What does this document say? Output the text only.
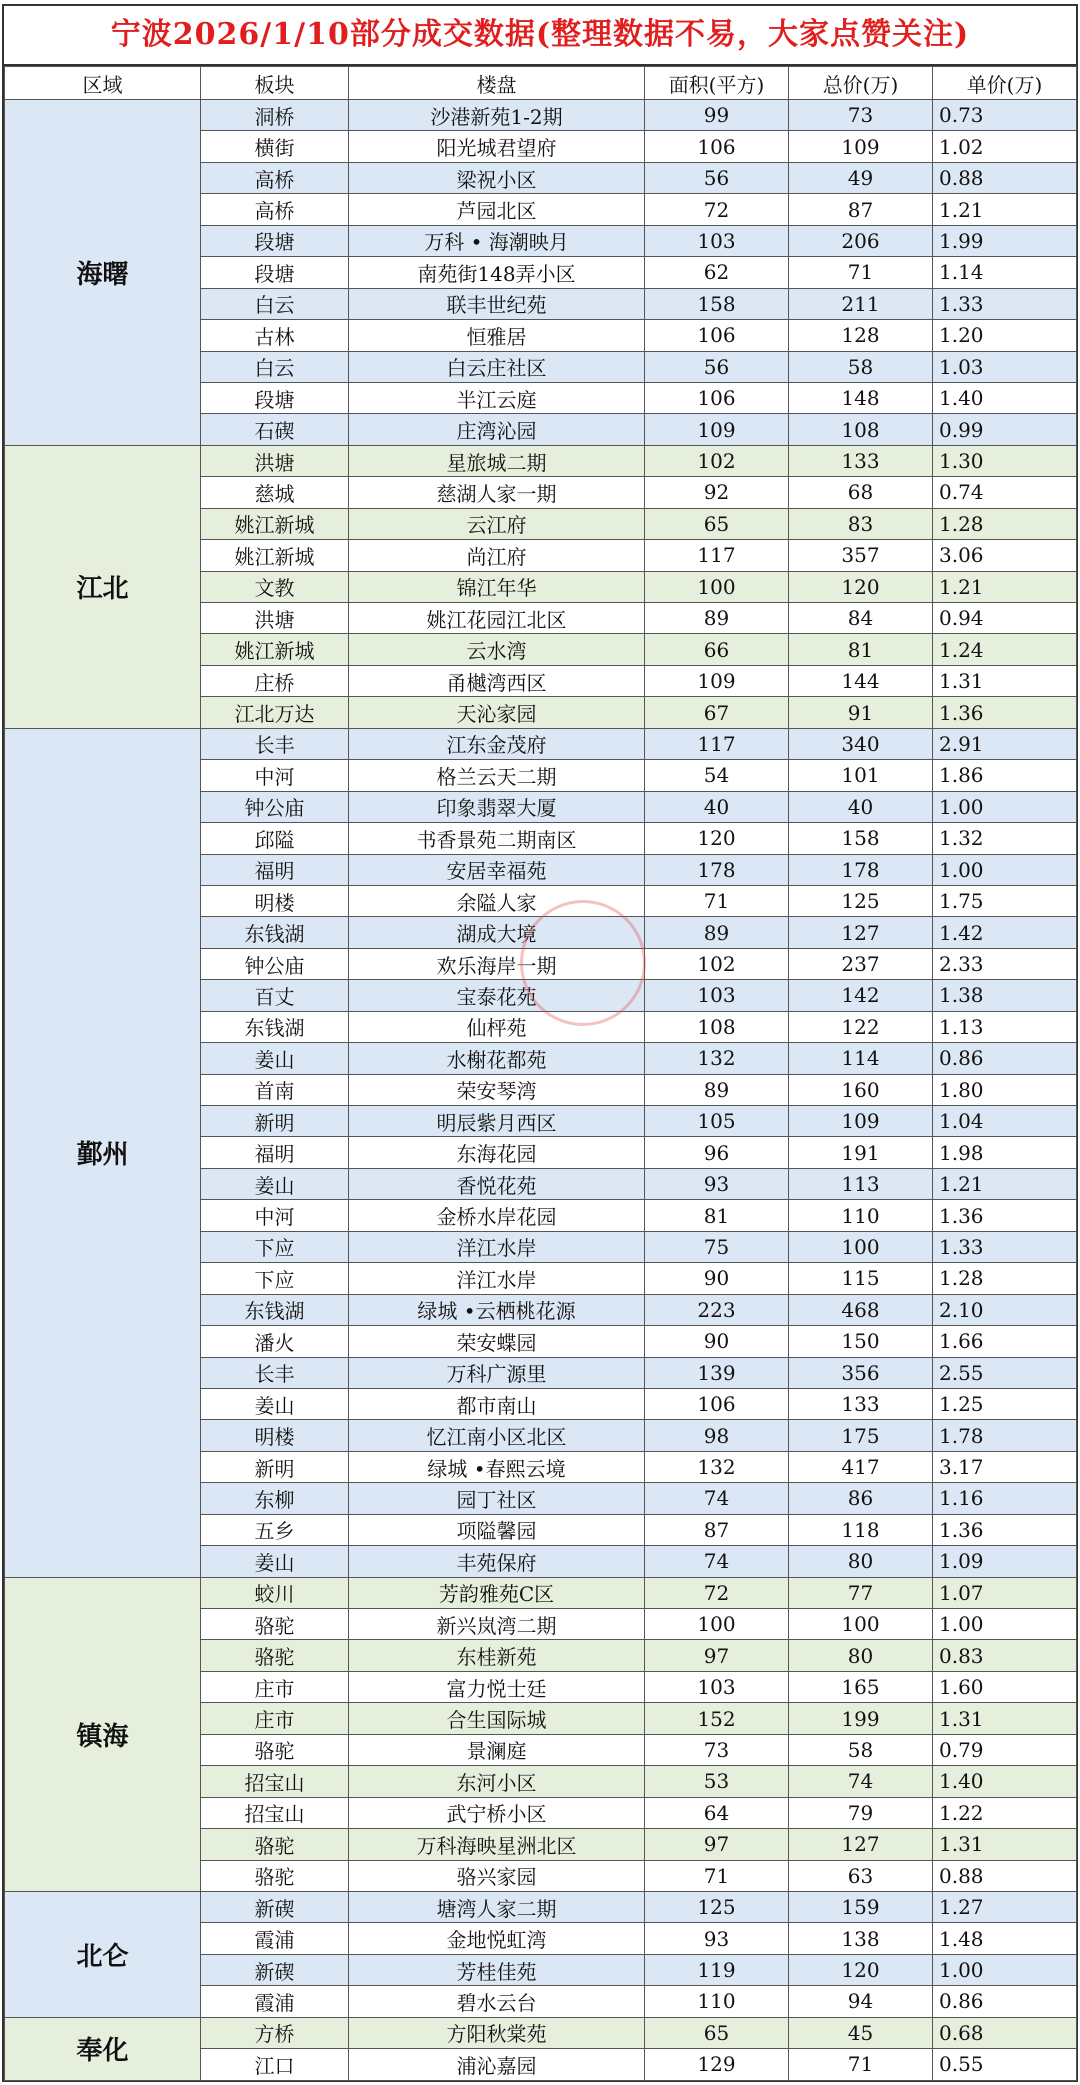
宁波2026/1/10部分成交数据(整理数据不易，大家点赞关注)
区域	板块	楼盘	面积(平方)	总价(万)	单价(万)
海曙	洞桥	沙港新苑1-2期	99	73	0.73
	横街	阳光城君望府	106	109	1.02
	高桥	梁祝小区	56	49	0.88
	高桥	芦园北区	72	87	1.21
	段塘	万科 • 海潮映月	103	206	1.99
	段塘	南苑街148弄小区	62	71	1.14
	白云	联丰世纪苑	158	211	1.33
	古林	恒雅居	106	128	1.20
	白云	白云庄社区	56	58	1.03
	段塘	半江云庭	106	148	1.40
	石碶	庄湾沁园	109	108	0.99
江北	洪塘	星旅城二期	102	133	1.30
	慈城	慈湖人家一期	92	68	0.74
	姚江新城	云江府	65	83	1.28
	姚江新城	尚江府	117	357	3.06
	文教	锦江年华	100	120	1.21
	洪塘	姚江花园江北区	89	84	0.94
	姚江新城	云水湾	66	81	1.24
	庄桥	甬樾湾西区	109	144	1.31
	江北万达	天沁家园	67	91	1.36
鄞州	长丰	江东金茂府	117	340	2.91
	中河	格兰云天二期	54	101	1.86
	钟公庙	印象翡翠大厦	40	40	1.00
	邱隘	书香景苑二期南区	120	158	1.32
	福明	安居幸福苑	178	178	1.00
	明楼	余隘人家	71	125	1.75
	东钱湖	湖成大境	89	127	1.42
	钟公庙	欢乐海岸一期	102	237	2.33
	百丈	宝泰花苑	103	142	1.38
	东钱湖	仙枰苑	108	122	1.13
	姜山	水榭花都苑	132	114	0.86
	首南	荣安琴湾	89	160	1.80
	新明	明辰紫月西区	105	109	1.04
	福明	东海花园	96	191	1.98
	姜山	香悦花苑	93	113	1.21
	中河	金桥水岸花园	81	110	1.36
	下应	洋江水岸	75	100	1.33
	下应	洋江水岸	90	115	1.28
	东钱湖	绿城 •云栖桃花源	223	468	2.10
	潘火	荣安蝶园	90	150	1.66
	长丰	万科广源里	139	356	2.55
	姜山	都市南山	106	133	1.25
	明楼	忆江南小区北区	98	175	1.78
	新明	绿城 •春熙云境	132	417	3.17
	东柳	园丁社区	74	86	1.16
	五乡	项隘馨园	87	118	1.36
	姜山	丰苑保府	74	80	1.09
镇海	蛟川	芳韵雅苑C区	72	77	1.07
	骆驼	新兴岚湾二期	100	100	1.00
	骆驼	东桂新苑	97	80	0.83
	庄市	富力悦士廷	103	165	1.60
	庄市	合生国际城	152	199	1.31
	骆驼	景澜庭	73	58	0.79
	招宝山	东河小区	53	74	1.40
	招宝山	武宁桥小区	64	79	1.22
	骆驼	万科海映星洲北区	97	127	1.31
	骆驼	骆兴家园	71	63	0.88
北仑	新碶	塘湾人家二期	125	159	1.27
	霞浦	金地悦虹湾	93	138	1.48
	新碶	芳桂佳苑	119	120	1.00
	霞浦	碧水云台	110	94	0.86
奉化	方桥	方阳秋棠苑	65	45	0.68
	江口	浦沁嘉园	129	71	0.55
